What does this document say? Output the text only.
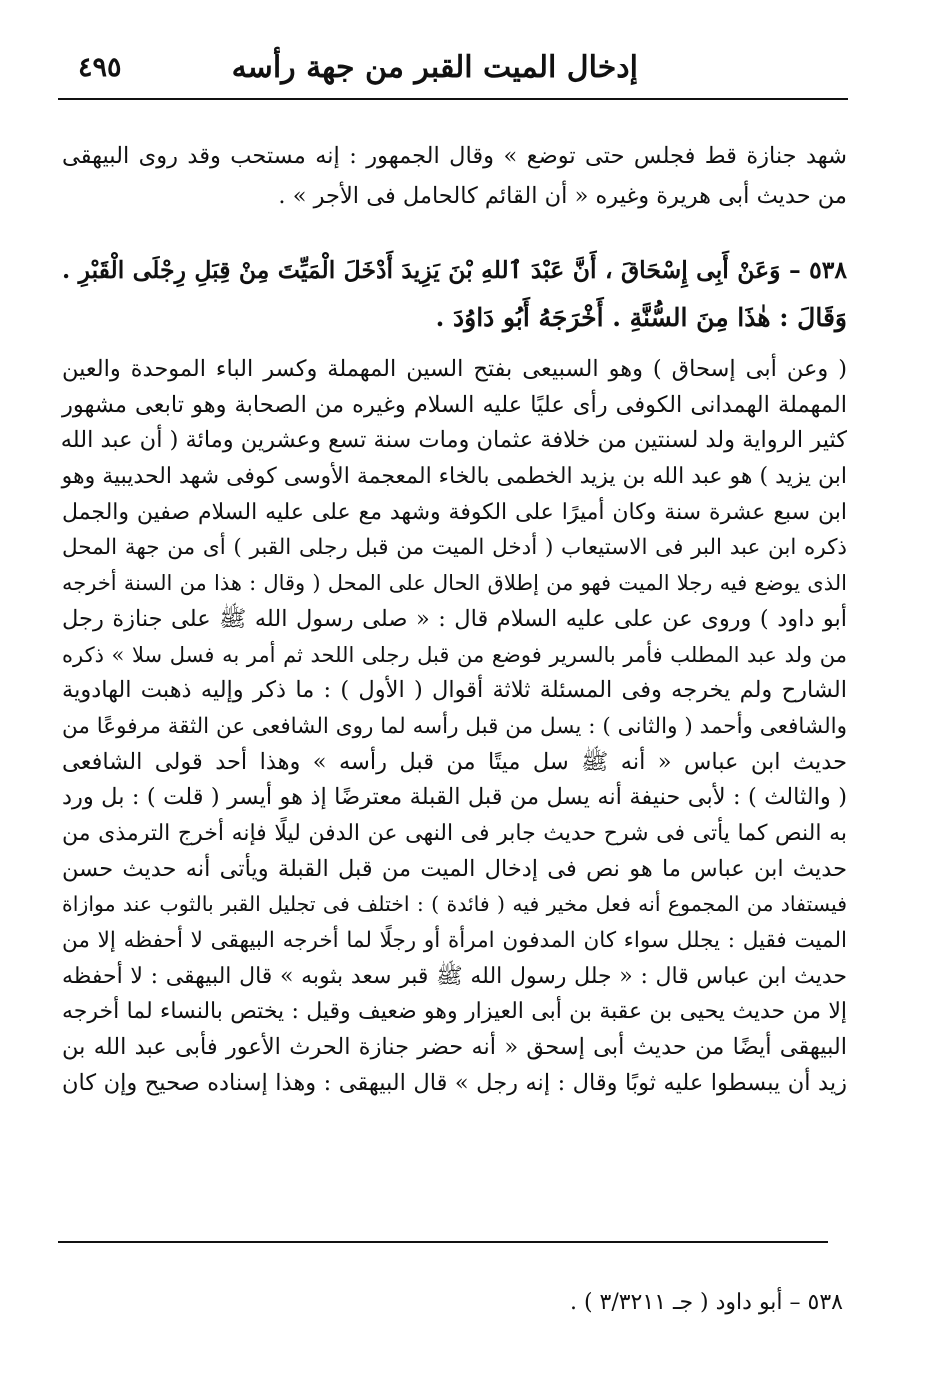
إدخال الميت القبر من جهة رأسه
٤٩٥
شهد جنازة قط فجلس حتى توضع » وقال الجمهور : إنه مستحب وقد روى البيهقى
من حديث أبى هريرة وغيره « أن القائم كالحامل فى الأجر » .
٥٣٨ – وَعَنْ أَبِى إِسْحَاقَ ، أَنَّ عَبْدَ ٱللهِ بْنَ يَزِيدَ أَدْخَلَ الْمَيِّتَ مِنْ قِبَلِ رِجْلَى الْقَبْرِ .
وَقَالَ : هٰذَا مِنَ السُّنَّةِ . أَخْرَجَهُ أَبُو دَاوُدَ .
( وعن أبى إسحاق ) وهو السبيعى بفتح السين المهملة وكسر الباء الموحدة والعين
المهملة الهمدانى الكوفى رأى عليًا عليه السلام وغيره من الصحابة وهو تابعى مشهور
كثير الرواية ولد لسنتين من خلافة عثمان ومات سنة تسع وعشرين ومائة ( أن عبد الله
ابن يزيد ) هو عبد الله بن يزيد الخطمى بالخاء المعجمة الأوسى كوفى شهد الحديبية وهو
ابن سبع عشرة سنة وكان أميرًا على الكوفة وشهد مع على عليه السلام صفين والجمل
ذكره ابن عبد البر فى الاستيعاب ( أدخل الميت من قبل رجلى القبر ) أى من جهة المحل
الذى يوضع فيه رجلا الميت فهو من إطلاق الحال على المحل ( وقال : هذا من السنة أخرجه
أبو داود ) وروى عن على عليه السلام قال : « صلى رسول الله ﷺ على جنازة رجل
من ولد عبد المطلب فأمر بالسرير فوضع من قبل رجلى اللحد ثم أمر به فسل سلا » ذكره
الشارح ولم يخرجه وفى المسئلة ثلاثة أقوال ( الأول ) : ما ذكر وإليه ذهبت الهادوية
والشافعى وأحمد ( والثانى ) : يسل من قبل رأسه لما روى الشافعى عن الثقة مرفوعًا من
حديث ابن عباس « أنه ﷺ سل ميتًا من قبل رأسه » وهذا أحد قولى الشافعى
( والثالث ) : لأبى حنيفة أنه يسل من قبل القبلة معترضًا إذ هو أيسر ( قلت ) : بل ورد
به النص كما يأتى فى شرح حديث جابر فى النهى عن الدفن ليلًا فإنه أخرج الترمذى من
حديث ابن عباس ما هو نص فى إدخال الميت من قبل القبلة ويأتى أنه حديث حسن
فيستفاد من المجموع أنه فعل مخير فيه ( فائدة ) : اختلف فى تجليل القبر بالثوب عند موازاة
الميت فقيل : يجلل سواء كان المدفون امرأة أو رجلًا لما أخرجه البيهقى لا أحفظه إلا من
حديث ابن عباس قال : « جلل رسول الله ﷺ قبر سعد بثوبه » قال البيهقى : لا أحفظه
إلا من حديث يحيى بن عقبة بن أبى العيزار وهو ضعيف وقيل : يختص بالنساء لما أخرجه
البيهقى أيضًا من حديث أبى إسحق « أنه حضر جنازة الحرث الأعور فأبى عبد الله بن
زيد أن يبسطوا عليه ثوبًا وقال : إنه رجل » قال البيهقى : وهذا إسناده صحيح وإن كان
٥٣٨ – أبو داود ( جـ ٣/٣٢١١ ) .
